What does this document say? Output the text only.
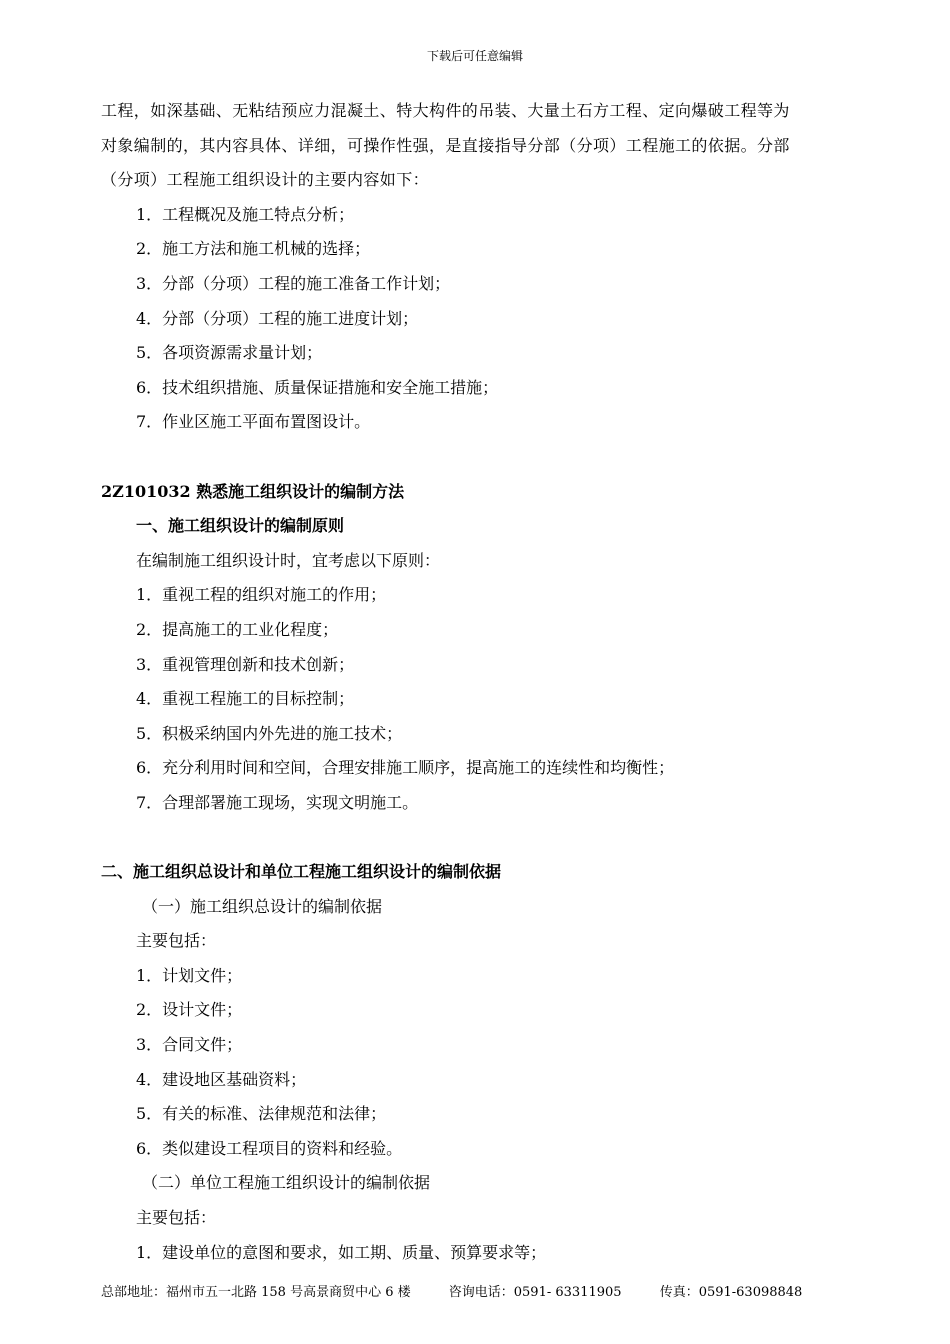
下载后可任意编辑
工程，如深基础、无粘结预应力混凝土、特大构件的吊装、大量土石方工程、定向爆破工程等为
对象编制的，其内容具体、详细，可操作性强，是直接指导分部（分项）工程施工的依据。分部
（分项）工程施工组织设计的主要内容如下：
1．工程概况及施工特点分析；
2．施工方法和施工机械的选择；
3．分部（分项）工程的施工准备工作计划；
4．分部（分项）工程的施工进度计划；
5．各项资源需求量计划；
6．技术组织措施、质量保证措施和安全施工措施；
7．作业区施工平面布置图设计。
2Z101032 熟悉施工组织设计的编制方法
一、施工组织设计的编制原则
在编制施工组织设计时，宜考虑以下原则：
1．重视工程的组织对施工的作用；
2．提高施工的工业化程度；
3．重视管理创新和技术创新；
4．重视工程施工的目标控制；
5．积极采纳国内外先进的施工技术；
6．充分利用时间和空间，合理安排施工顺序，提高施工的连续性和均衡性；
7．合理部署施工现场，实现文明施工。
二、施工组织总设计和单位工程施工组织设计的编制依据
（一）施工组织总设计的编制依据
主要包括：
1．计划文件；
2．设计文件；
3．合同文件；
4．建设地区基础资料；
5．有关的标准、法律规范和法律；
6．类似建设工程项目的资料和经验。
（二）单位工程施工组织设计的编制依据
主要包括：
1．建设单位的意图和要求，如工期、质量、预算要求等；
总部地址：福州市五一北路 158 号高景商贸中心 6 楼	咨询电话：0591- 63311905	传真：0591-63098848
